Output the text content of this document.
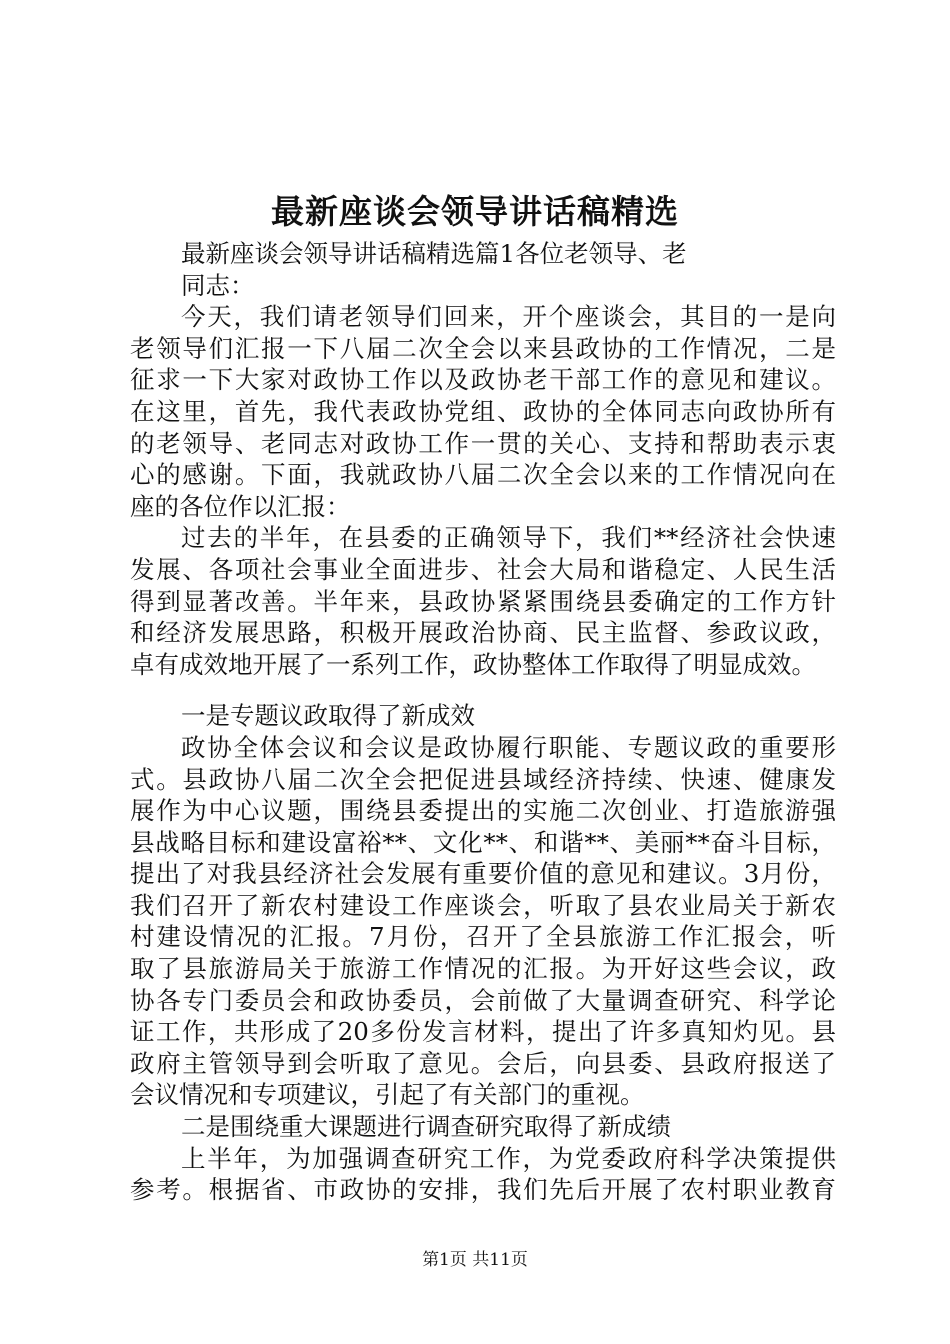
最新座谈会领导讲话稿精选
最新座谈会领导讲话稿精选篇1各位老领导、老
同志：
今天，我们请老领导们回来，开个座谈会，其目的一是向
老领导们汇报一下八届二次全会以来县政协的工作情况，二是
征求一下大家对政协工作以及政协老干部工作的意见和建议。
在这里，首先，我代表政协党组、政协的全体同志向政协所有
的老领导、老同志对政协工作一贯的关心、支持和帮助表示衷
心的感谢。下面，我就政协八届二次全会以来的工作情况向在
座的各位作以汇报：
过去的半年，在县委的正确领导下，我们**经济社会快速
发展、各项社会事业全面进步、社会大局和谐稳定、人民生活
得到显著改善。半年来，县政协紧紧围绕县委确定的工作方针
和经济发展思路，积极开展政治协商、民主监督、参政议政，
卓有成效地开展了一系列工作，政协整体工作取得了明显成效。
一是专题议政取得了新成效
政协全体会议和会议是政协履行职能、专题议政的重要形
式。县政协八届二次全会把促进县域经济持续、快速、健康发
展作为中心议题，围绕县委提出的实施二次创业、打造旅游强
县战略目标和建设富裕**、文化**、和谐**、美丽**奋斗目标，
提出了对我县经济社会发展有重要价值的意见和建议。3月份，
我们召开了新农村建设工作座谈会，听取了县农业局关于新农
村建设情况的汇报。7月份，召开了全县旅游工作汇报会，听
取了县旅游局关于旅游工作情况的汇报。为开好这些会议，政
协各专门委员会和政协委员，会前做了大量调查研究、科学论
证工作，共形成了20多份发言材料，提出了许多真知灼见。县
政府主管领导到会听取了意见。会后，向县委、县政府报送了
会议情况和专项建议，引起了有关部门的重视。
二是围绕重大课题进行调查研究取得了新成绩
上半年，为加强调查研究工作，为党委政府科学决策提供
参考。根据省、市政协的安排，我们先后开展了农村职业教育
第1页 共11页
